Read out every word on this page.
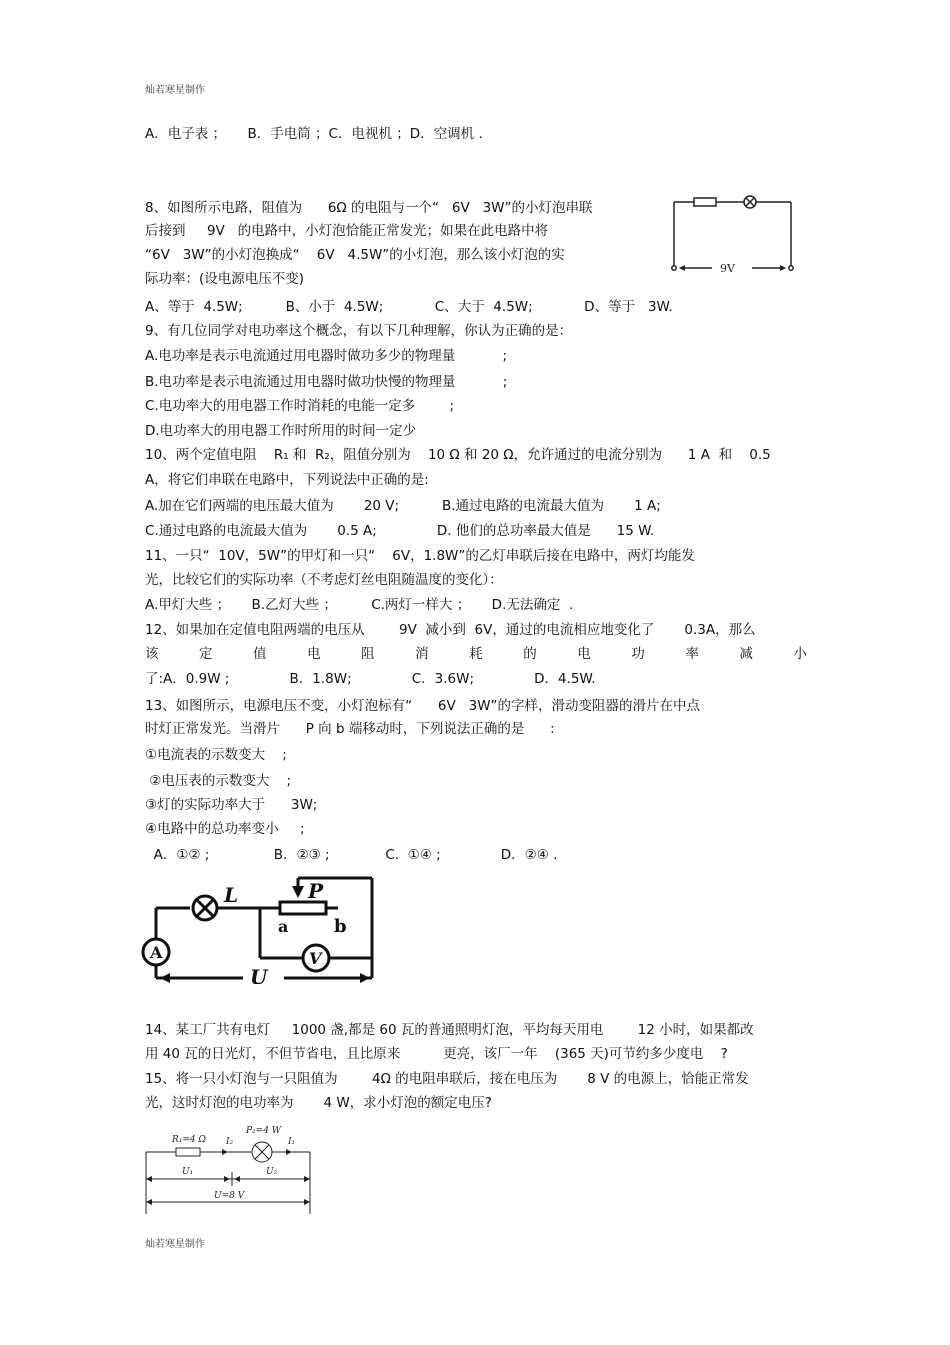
灿若寒星制作
A．电子表 ；     B．手电筒 ；C．电视机 ；D．空调机 .
8、如图所示电路，阻值为      6Ω 的电阻与一个“   6V   3W”的小灯泡串联
后接到     9V   的电路中，小灯泡恰能正常发光；如果在此电路中将
“6V   3W”的小灯泡换成“    6V   4.5W”的小灯泡，那么该小灯泡的实
际功率：(设电源电压不变)
9V
A、等于  4.5W;          B、小于  4.5W;            C、大于  4.5W;            D、等于   3W.
9、有几位同学对电功率这个概念，有以下几种理解，你认为正确的是：
A.电功率是表示电流通过用电器时做功多少的物理量           ;
B.电功率是表示电流通过用电器时做功快慢的物理量           ;
C.电功率大的用电器工作时消耗的电能一定多        ;
D.电功率大的用电器工作时所用的时间一定少
10、两个定值电阻    R₁ 和  R₂，阻值分别为    10 Ω 和 20 Ω，允许通过的电流分别为      1 A  和    0.5
A，将它们串联在电路中，下列说法中正确的是:
A.加在它们两端的电压最大值为       20 V;          B.通过电路的电流最大值为       1 A;
C.通过电路的电流最大值为       0.5 A;              D. 他们的总功率最大值是      15 W.
11、一只“  10V，5W”的甲灯和一只“    6V，1.8W”的乙灯串联后接在电路中，两灯均能发
光，比较它们的实际功率（不考虑灯丝电阻随温度的变化）：
A.甲灯大些 ；     B.乙灯大些 ；        C.两灯一样大 ；     D.无法确定  .
12、如果加在定值电阻两端的电压从        9V  减小到  6V，通过的电流相应地变化了       0.3A，那么
该	定	值	电	阻	消	耗	的	电	功	率	减	小
了:A．0.9W ;              B．1.8W;              C．3.6W;              D．4.5W.
13、如图所示，电源电压不变，小灯泡标有“      6V   3W”的字样，滑动变阻器的滑片在中点
时灯正常发光。当滑片      P 向 b 端移动时，下列说法正确的是      :
①电流表的示数变大    ;
②电压表的示数变大    ;
③灯的实际功率大于      3W;
④电路中的总功率变小     ;
A．①② ;               B．②③ ;             C.  ①④ ;              D．②④ .
L	P
a	b
A	V
U
14、某工厂共有电灯     1000 盏,都是 60 瓦的普通照明灯泡，平均每天用电        12 小时，如果都改
用 40 瓦的日光灯，不但节省电，且比原来          更亮，该厂一年    (365 天)可节约多少度电    ?
15、将一只小灯泡与一只阻值为        4Ω 的电阻串联后，接在电压为       8 V 的电源上，恰能正常发
光，这时灯泡的电功率为       4 W，求小灯泡的额定电压?
R₁=4 Ω
P₂=4 W
I₂	I₁
U₁	U₂
U=8 V
灿若寒星制作
